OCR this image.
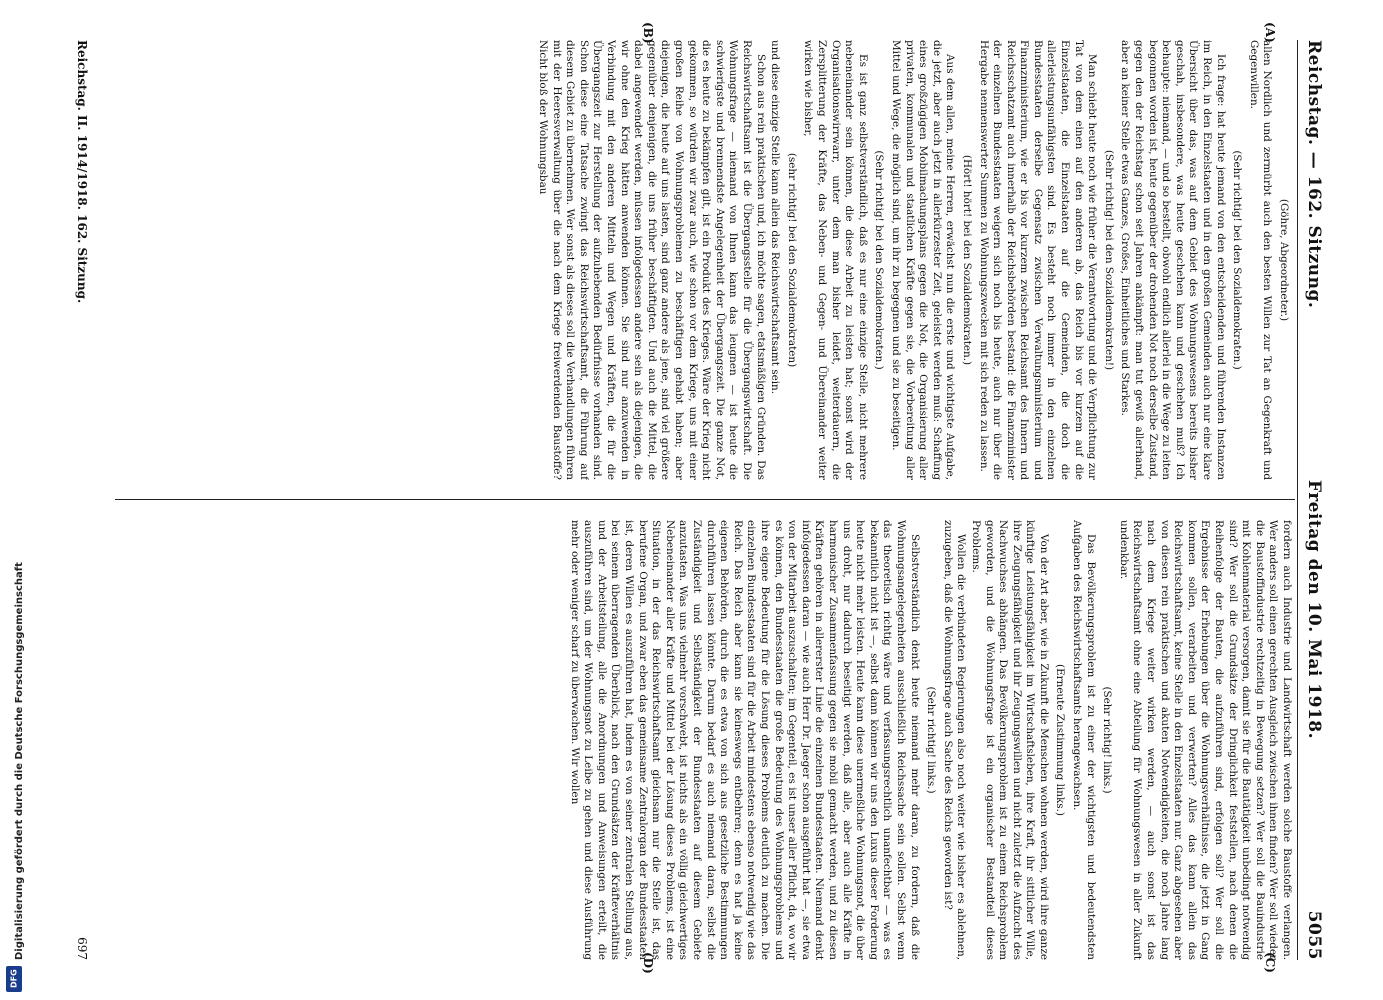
Reichstag. — 162. Sitzung.
Freitag den 10. Mai 1918.
5055
(A)
(B)
(C)
(D)

(Göhre, Abgeordneter.)

allen Nordlich und zermürbt auch den besten Willen zur Tat an Gegenkraft und Gegenwillen.

(Sehr richtig! bei den Sozialdemokraten.)

Ich frage: hat heute jemand von den entscheidenden und führenden Instanzen im Reich, in den Einzelstaaten und in den großen Gemeinden auch nur eine klare Übersicht über das, was auf dem Gebiet des Wohnungswesens bereits bisher geschah, insbesondere, was heute geschehen kann und geschehen muß? Ich behaupte: niemand, — und so bestellt, obwohl endlich allerlei in die Wege zu leiten begonnen worden ist, heute gegenüber der drohenden Not noch derselbe Zustand, gegen den der Reichstag schon seit Jahren ankämpft: man tut gewiß allerhand, aber an keiner Stelle etwas Ganzes, Großes, Einheitliches und Starkes.

(Sehr richtig! bei den Sozialdemokraten!)

Man schiebt heute noch wie früher die Verantwortung und die Verpflichtung zur Tat von dem einen auf den anderen ab, das Reich bis vor kurzem auf die Einzelstaaten, die Einzelstaaten auf die Gemeinden, die doch die allerleistungsunfähigsten sind. Es besteht noch immer in den einzelnen Bundesstaaten derselbe Gegensatz zwischen Verwaltungsministerium und Finanzministerium, wie er bis vor kurzem zwischen Reichsamt des Innern und Reichsschatzamt auch innerhalb der Reichsbehörden bestand: die Finanzminister der einzelnen Bundesstaaten weigern sich noch bis heute, auch nur über die Hergabe nennenswerter Summen zu Wohnungszwecken mit sich reden zu lassen.

(Hört! hört! bei den Sozialdemokraten.)

Aus dem allen, meine Herren, erwächst nun die erste und wichtigste Aufgabe, die jetzt, aber auch jetzt in allerkürzester Zeit, geleistet werden muß: Schaffung eines großzügigen Mobilmachungsplans gegen die Not, die Organisierung aller privaten, kommunalen und staatlichen Kräfte gegen sie, die Vorbereitung aller Mittel und Wege, die möglich sind, um ihr zu begegnen und sie zu beseitigen.

(Sehr richtig! bei den Sozialdemokraten.)

Es ist ganz selbstverständlich, daß es nur eine einzige Stelle, nicht mehrere nebeneinander sein können, die diese Arbeit zu leisten hat; sonst wird der Organisationswirrwarr, unter dem man bisher leidet, weiterdauern, die Zersplitterung der Kräfte, das Neben- und Gegen- und Übereinander weiter wirken wie bisher,

(sehr richtig! bei den Sozialdemokraten)

und diese einzige Stelle kann allein das Reichswirtschaftsamt sein.

Schon aus rein praktischen und, ich möchte sagen, etatsmäßigen Gründen. Das Reichswirtschaftsamt ist die Übergangsstelle für die Übergangswirtschaft. Die Wohnungsfrage — niemand von Ihnen kann das leugnen — ist heute die schwierigste und brennendste Angelegenheit der Übergangszeit. Die ganze Not, die es heute zu bekämpfen gilt, ist ein Produkt des Krieges. Wäre der Krieg nicht gekommen, so würden wir zwar auch, wie schon vor dem Kriege, uns mit einer großen Reihe von Wohnungsproblemen zu beschäftigen gehabt haben; aber diejenigen, die heute auf uns lasten, sind ganz andere als jene, sind viel größere gegenüber denjenigen, die uns früher beschäftigten. Und auch die Mittel, die dabei angewendet werden, müssen infolgedessen andere sein als diejenigen, die wir ohne den Krieg hätten anwenden können. Sie sind nur anzuwenden in Verbindung mit den anderen Mitteln und Wegen und Kräften, die für die Übergangszeit zur Herstellung der aufzuhebenden Bedürfnisse vorhanden sind. Schon diese eine Tatsache zwingt das Reichswirtschaftsamt, die Führung auf diesem Gebiet zu übernehmen. Wer sonst als dieses soll die Verhandlungen führen mit der Heeresverwaltung über die nach dem Kriege freiwerdenden Baustoffe? Nicht bloß der Wohnungsbau

fordern auch Industrie und Landwirtschaft werden solche Baustoffe verlangen. Wer anders soll einen gerechten Ausgleich zwischen ihnen finden? Wer soll wieder die Baustoffindustrie rechtzeitig in Bewegung setzen? Wer soll die Bauindustrie mit Kohlenmaterial versorgen, damit sie für die Bautätigkeit unbedingt notwendig sind? Wer soll die Grundsätze der Dringlichkeit feststellen, nach denen die Reihenfolge der Bauten, die aufzuführen sind, erfolgen soll? Wer soll die Ergebnisse der Erhebungen über die Wohnungsverhältnisse, die jetzt in Gang kommen sollen, verarbeiten und verwerten? Alles das kann allein das Reichswirtschaftsamt, keine Stelle in den Einzelstaaten nur. Ganz abgesehen aber von diesen rein praktischen und akuten Notwendigkeiten, die noch Jahre lang nach dem Kriege weiter wirken werden, — auch sonst ist das Reichswirtschaftsamt ohne eine Abteilung für Wohnungswesen in aller Zukunft undenkbar.

(Sehr richtig! links.)

Das Bevölkerungsproblem ist zu einer der wichtigsten und bedeutendsten Aufgaben des Reichswirtschaftsamts herangewachsen.

(Erneute Zustimmung links.)

Von der Art aber, wie in Zukunft die Menschen wohnen werden, wird ihre ganze künftige Leistungsfähigkeit im Wirtschaftsleben, ihre Kraft, ihr sittlicher Wille, ihre Zeugungsfähigkeit und ihr Zeugungswillen und nicht zuletzt die Aufzucht des Nachwuchses abhängen. Das Bevölkerungsproblem ist zu einem Reichsproblem geworden, und die Wohnungsfrage ist ein organischer Bestandteil dieses Problems.

Wollen die verbündeten Regierungen also noch weiter wie bisher es ablehnen, zuzugeben, daß die Wohnungsfrage auch Sache des Reichs geworden ist?

(Sehr richtig! links.)

Selbstverständlich denkt heute niemand mehr daran, zu fordern, daß die Wohnungsangelegenheiten ausschließlich Reichssache sein sollen. Selbst wenn das theoretisch richtig wäre und verfassungsrechtlich unanfechtbar — was es bekanntlich nicht ist —, selbst dann können wir uns den Luxus dieser Forderung heute nicht mehr leisten. Heute kann diese unermeßliche Wohnungsnot, die über uns droht, nur dadurch beseitigt werden, daß alle, aber auch alle Kräfte in harmonischer Zusammenfassung gegen sie mobil gemacht werden, und zu diesen Kräften gehören in allererster Linie die einzelnen Bundesstaaten. Niemand denkt infolgedessen daran — wie auch Herr Dr. Jaeger schon ausgeführt hat —, sie etwa von der Mitarbeit auszuschalten; im Gegenteil, es ist unser aller Pflicht, da, wo wir es können, den Bundesstaaten die große Bedeutung des Wohnungsproblems und ihre eigene Bedeutung für die Lösung dieses Problems deutlich zu machen. Die einzelnen Bundesstaaten sind für die Arbeit mindestens ebenso notwendig wie das Reich. Das Reich aber kann sie keineswegs entbehren; denn es hat ja keine eigenen Behörden, durch die es etwa von sich aus gesetzliche Bestimmungen durchführen lassen könnte. Darum bedarf es auch niemand daran, selbst die Zuständigkeit und Selbständigkeit der Bundesstaaten auf diesem Gebiete anzutasten. Was uns vielmehr vorschwebt, ist nichts als ein völlig gleichwertiges Nebeneinander aller Kräfte und Mittel bei der Lösung dieses Problems, ist eine Situation, in der das Reichswirtschaftsamt gleichsam nur die Stelle ist, das berufene Organ, und zwar eben das gemeinsame Zentralorgan der Bundesstaaten ist, deren Willen es auszuführen hat, indem es von seiner zentralen Stellung aus, bei seinem überragenden Überblick, nach den Grundsätzen der Kräfteverhältnis und der Arbeitsteilung, alle die Anordnungen und Anweisungen erteilt, die auszuführen sind, um der Wohnungsnot zu Leibe zu gehen und diese Ausführung mehr oder weniger scharf zu überwachen. Wir wollen

Reichstag. II. 1914/1918. 162. Sitzung.
697
Digitalisierung gefördert durch die Deutsche Forschungsgemeinschaft
DFG
